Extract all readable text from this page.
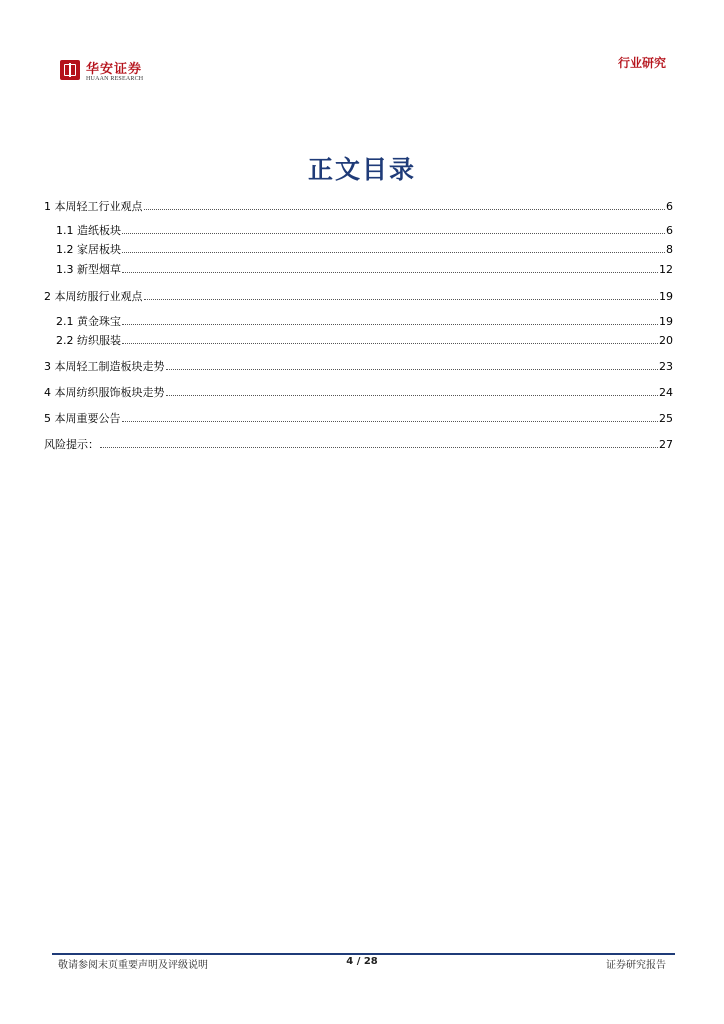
华安证券
HUAAN RESEARCH
行业研究
正文目录
1 本周轻工行业观点	6
1.1 造纸板块	6
1.2 家居板块	8
1.3 新型烟草	12
2 本周纺服行业观点	19
2.1 黄金珠宝	19
2.2 纺织服装	20
3 本周轻工制造板块走势	23
4 本周纺织服饰板块走势	24
5 本周重要公告	25
风险提示：	27
敬请参阅末页重要声明及评级说明	4 / 28	证券研究报告
